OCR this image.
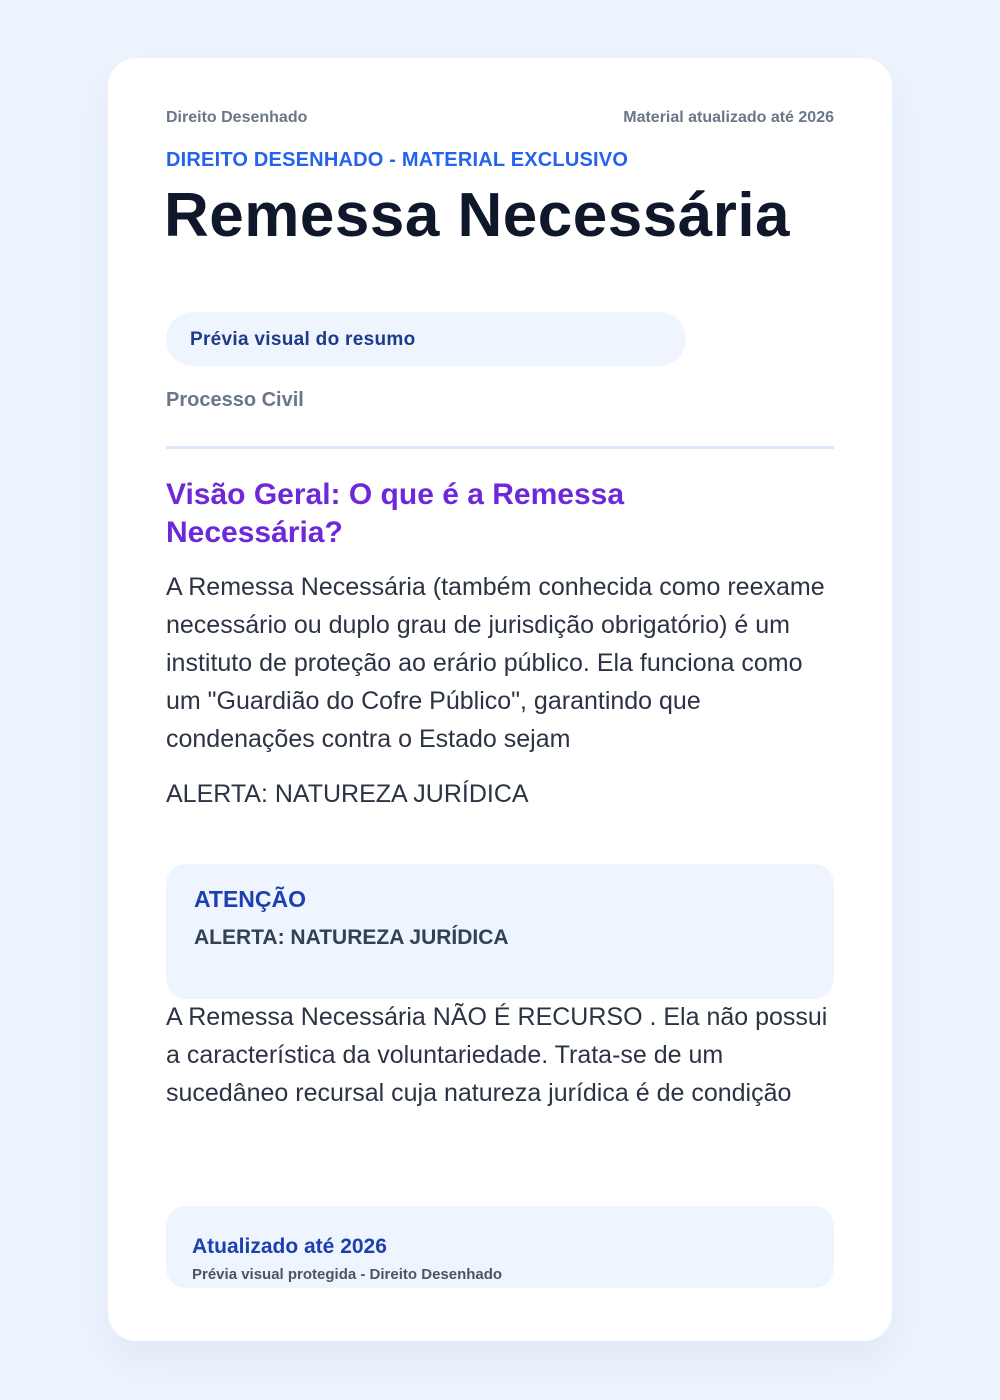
Direito Desenhado	Material atualizado até 2026
DIREITO DESENHADO - MATERIAL EXCLUSIVO
Remessa Necessária
Prévia visual do resumo
Processo Civil
Visão Geral: O que é a Remessa Necessária?
A Remessa Necessária (também conhecida como reexame necessário ou duplo grau de jurisdição obrigatório) é um instituto de proteção ao erário público. Ela funciona como um "Guardião do Cofre Público", garantindo que condenações contra o Estado sejam
ALERTA: NATUREZA JURÍDICA
ATENÇÃO
ALERTA: NATUREZA JURÍDICA
A Remessa Necessária NÃO É RECURSO . Ela não possui a característica da voluntariedade. Trata-se de um sucedâneo recursal cuja natureza jurídica é de condição
Atualizado até 2026
Prévia visual protegida - Direito Desenhado
